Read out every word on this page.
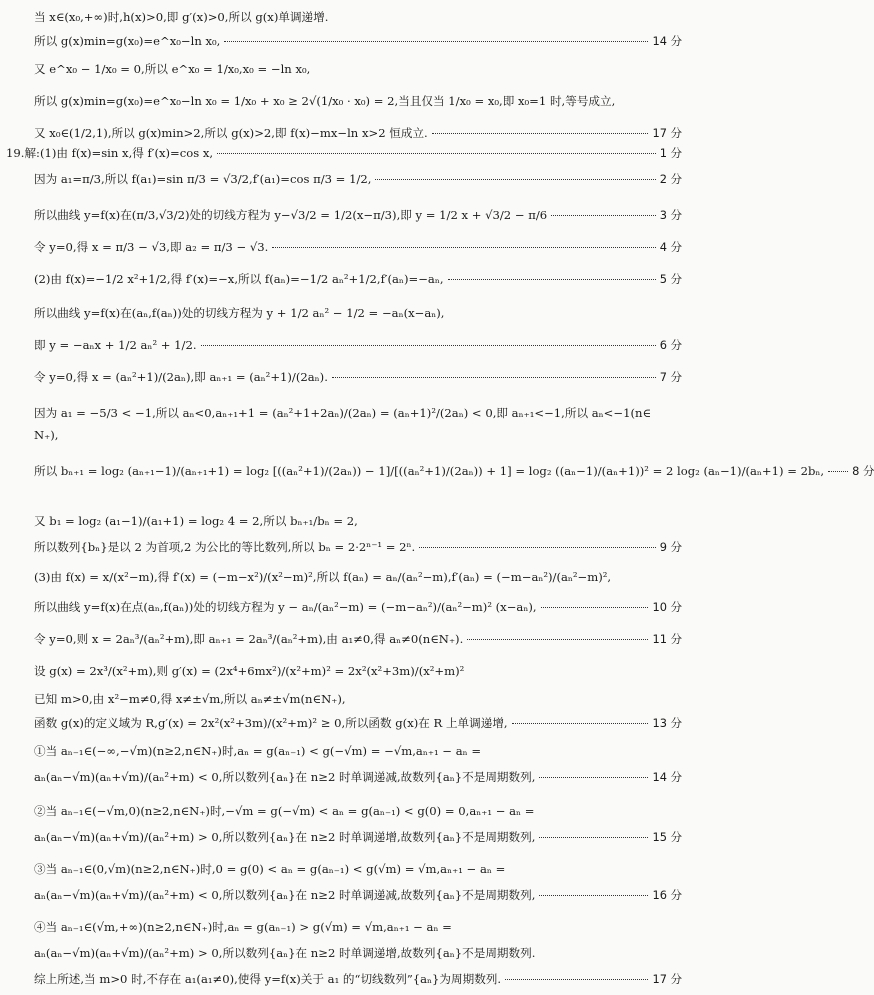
当 x∈(x₀,+∞)时,h(x)>0,即 g′(x)>0,所以 g(x)单调递增.
所以 g(x)min=g(x₀)=e^x₀−ln x₀,	14 分
又 e^x₀ − 1/x₀ = 0,所以 e^x₀ = 1/x₀,x₀ = −ln x₀,
所以 g(x)min=g(x₀)=e^x₀−ln x₀ = 1/x₀ + x₀ ≥ 2√(1/x₀ · x₀) = 2,当且仅当 1/x₀ = x₀,即 x₀=1 时,等号成立,
又 x₀∈(1/2,1),所以 g(x)min>2,所以 g(x)>2,即 f(x)−mx−ln x>2 恒成立.	17 分
19.解:(1)由 f(x)=sin x,得 f′(x)=cos x,	1 分
因为 a₁=π/3,所以 f(a₁)=sin π/3 = √3/2,f′(a₁)=cos π/3 = 1/2,	2 分
所以曲线 y=f(x)在(π/3,√3/2)处的切线方程为 y−√3/2 = 1/2(x−π/3),即 y = 1/2 x + √3/2 − π/6	3 分
令 y=0,得 x = π/3 − √3,即 a₂ = π/3 − √3.	4 分
(2)由 f(x)=−1/2 x²+1/2,得 f′(x)=−x,所以 f(aₙ)=−1/2 aₙ²+1/2,f′(aₙ)=−aₙ,	5 分
所以曲线 y=f(x)在(aₙ,f(aₙ))处的切线方程为 y + 1/2 aₙ² − 1/2 = −aₙ(x−aₙ),
即 y = −aₙx + 1/2 aₙ² + 1/2.	6 分
令 y=0,得 x = (aₙ²+1)/(2aₙ),即 aₙ₊₁ = (aₙ²+1)/(2aₙ).	7 分
因为 a₁ = −5/3 < −1,所以 aₙ<0,aₙ₊₁+1 = (aₙ²+1+2aₙ)/(2aₙ) = (aₙ+1)²/(2aₙ) < 0,即 aₙ₊₁<−1,所以 aₙ<−1(n∈
N₊),
所以 bₙ₊₁ = log₂ (aₙ₊₁−1)/(aₙ₊₁+1) = log₂ [((aₙ²+1)/(2aₙ)) − 1]/[((aₙ²+1)/(2aₙ)) + 1] = log₂ ((aₙ−1)/(aₙ+1))² = 2 log₂ (aₙ−1)/(aₙ+1) = 2bₙ, 8 分
又 b₁ = log₂ (a₁−1)/(a₁+1) = log₂ 4 = 2,所以 bₙ₊₁/bₙ = 2,
所以数列{bₙ}是以 2 为首项,2 为公比的等比数列,所以 bₙ = 2·2ⁿ⁻¹ = 2ⁿ.	9 分
(3)由 f(x) = x/(x²−m),得 f′(x) = (−m−x²)/(x²−m)²,所以 f(aₙ) = aₙ/(aₙ²−m),f′(aₙ) = (−m−aₙ²)/(aₙ²−m)²,
所以曲线 y=f(x)在点(aₙ,f(aₙ))处的切线方程为 y − aₙ/(aₙ²−m) = (−m−aₙ²)/(aₙ²−m)² (x−aₙ),	10 分
令 y=0,则 x = 2aₙ³/(aₙ²+m),即 aₙ₊₁ = 2aₙ³/(aₙ²+m),由 a₁≠0,得 aₙ≠0(n∈N₊).	11 分
设 g(x) = 2x³/(x²+m),则 g′(x) = (2x⁴+6mx²)/(x²+m)² = 2x²(x²+3m)/(x²+m)²
已知 m>0,由 x²−m≠0,得 x≠±√m,所以 aₙ≠±√m(n∈N₊),
函数 g(x)的定义域为 R,g′(x) = 2x²(x²+3m)/(x²+m)² ≥ 0,所以函数 g(x)在 R 上单调递增,	13 分
①当 aₙ₋₁∈(−∞,−√m)(n≥2,n∈N₊)时,aₙ = g(aₙ₋₁) < g(−√m) = −√m,aₙ₊₁ − aₙ =
aₙ(aₙ−√m)(aₙ+√m)/(aₙ²+m) < 0,所以数列{aₙ}在 n≥2 时单调递减,故数列{aₙ}不是周期数列,	14 分
②当 aₙ₋₁∈(−√m,0)(n≥2,n∈N₊)时,−√m = g(−√m) < aₙ = g(aₙ₋₁) < g(0) = 0,aₙ₊₁ − aₙ =
aₙ(aₙ−√m)(aₙ+√m)/(aₙ²+m) > 0,所以数列{aₙ}在 n≥2 时单调递增,故数列{aₙ}不是周期数列,	15 分
③当 aₙ₋₁∈(0,√m)(n≥2,n∈N₊)时,0 = g(0) < aₙ = g(aₙ₋₁) < g(√m) = √m,aₙ₊₁ − aₙ =
aₙ(aₙ−√m)(aₙ+√m)/(aₙ²+m) < 0,所以数列{aₙ}在 n≥2 时单调递减,故数列{aₙ}不是周期数列,	16 分
④当 aₙ₋₁∈(√m,+∞)(n≥2,n∈N₊)时,aₙ = g(aₙ₋₁) > g(√m) = √m,aₙ₊₁ − aₙ =
aₙ(aₙ−√m)(aₙ+√m)/(aₙ²+m) > 0,所以数列{aₙ}在 n≥2 时单调递增,故数列{aₙ}不是周期数列.
综上所述,当 m>0 时,不存在 a₁(a₁≠0),使得 y=f(x)关于 a₁ 的“切线数列”{aₙ}为周期数列.	17 分
